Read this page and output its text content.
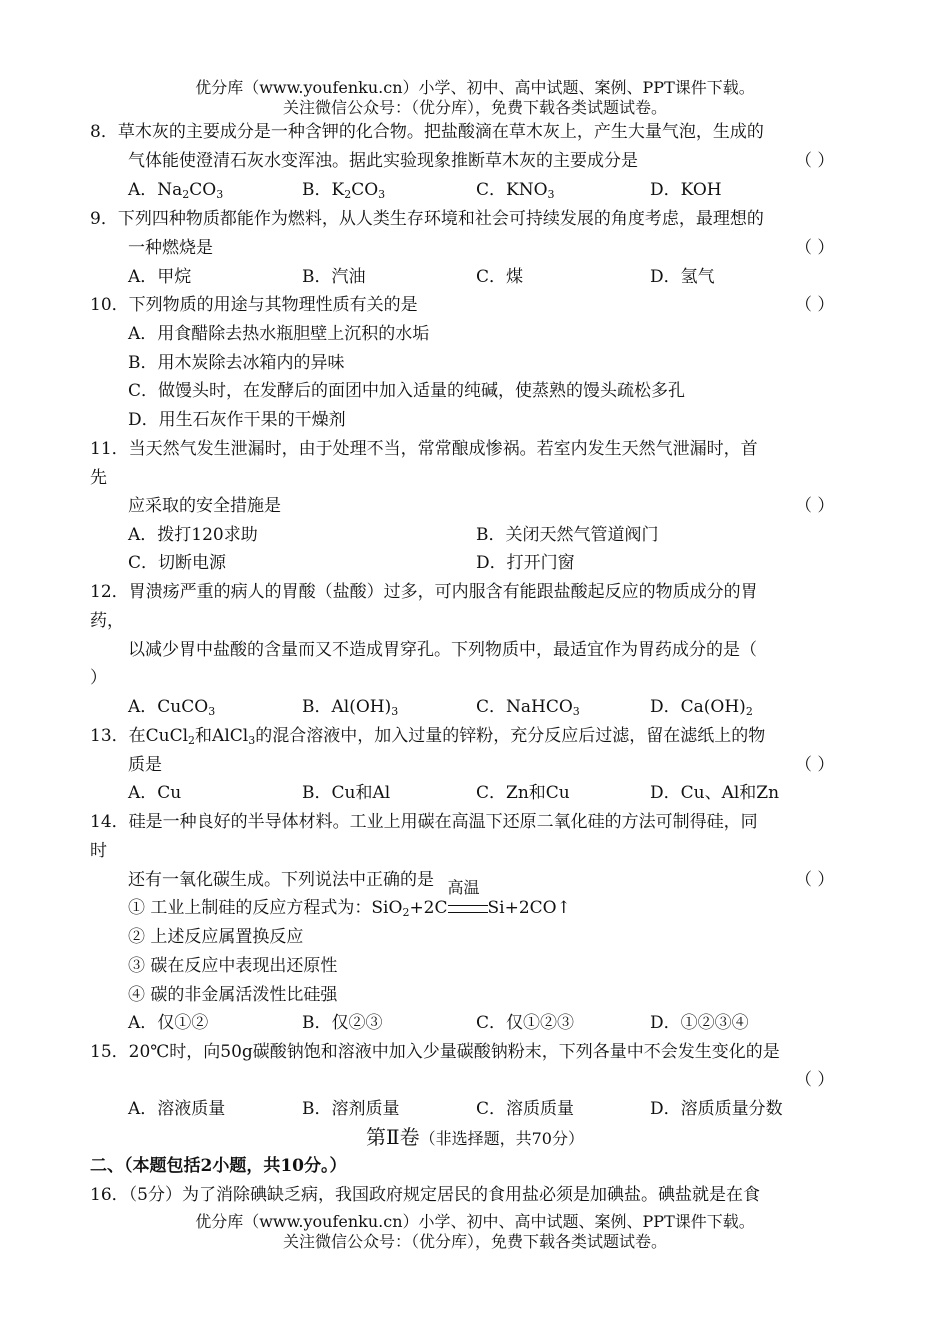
优分库（www.youfenku.cn）小学、初中、高中试题、案例、PPT课件下载。
关注微信公众号：（优分库），免费下载各类试题试卷。
8．草木灰的主要成分是一种含钾的化合物。把盐酸滴在草木灰上，产生大量气泡，生成的
气体能使澄清石灰水变浑浊。据此实验现象推断草木灰的主要成分是	（ ）
A．$Na_2CO_3$	B．$K_2CO_3$	C．$KNO_3$	D．KOH
9．下列四种物质都能作为燃料，从人类生存环境和社会可持续发展的角度考虑，最理想的
一种燃烧是	（ ）
A．甲烷	B．汽油	C．煤	D．氢气
10．下列物质的用途与其物理性质有关的是	（ ）
A．用食醋除去热水瓶胆壁上沉积的水垢
B．用木炭除去冰箱内的异味
C．做馒头时，在发酵后的面团中加入适量的纯碱，使蒸熟的馒头疏松多孔
D．用生石灰作干果的干燥剂
11．当天然气发生泄漏时，由于处理不当，常常酿成惨祸。若室内发生天然气泄漏时，首
先
应采取的安全措施是	（ ）
A．拨打120求助	B．关闭天然气管道阀门
C．切断电源	D．打开门窗
12．胃溃疡严重的病人的胃酸（盐酸）过多，可内服含有能跟盐酸起反应的物质成分的胃
药，
以减少胃中盐酸的含量而又不造成胃穿孔。下列物质中，最适宜作为胃药成分的是（
）
A．CuCO$_3$	B．$Al(OH)_3$	C．NaHCO$_3$	D．$Ca(OH)_2$
13．在CuCl$_2$和AlCl$_3$的混合溶液中，加入过量的锌粉，充分反应后过滤，留在滤纸上的物
质是	（ ）
A．Cu	B．Cu和Al	C．Zn和Cu	D．Cu、Al和Zn
14．硅是一种良好的半导体材料。工业上用碳在高温下还原二氧化硅的方法可制得硅，同
时
还有一氧化碳生成。下列说法中正确的是	（ ）
① 工业上制硅的反应方程式为：SiO$_2$+2C
高温
Si+2CO↑
② 上述反应属置换反应
③ 碳在反应中表现出还原性
④ 碳的非金属活泼性比硅强
A．仅①②	B．仅②③	C．仅①②③	D．①②③④
15．20℃时，向50g碳酸钠饱和溶液中加入少量碳酸钠粉末，下列各量中不会发生变化的是
（ ）
A．溶液质量	B．溶剂质量	C．溶质质量	D．溶质质量分数
第Ⅱ卷（非选择题，共70分）
二、（本题包括2小题，共10分。）
16．（5分）为了消除碘缺乏病，我国政府规定居民的食用盐必须是加碘盐。碘盐就是在食
优分库（www.youfenku.cn）小学、初中、高中试题、案例、PPT课件下载。
关注微信公众号：（优分库），免费下载各类试题试卷。
